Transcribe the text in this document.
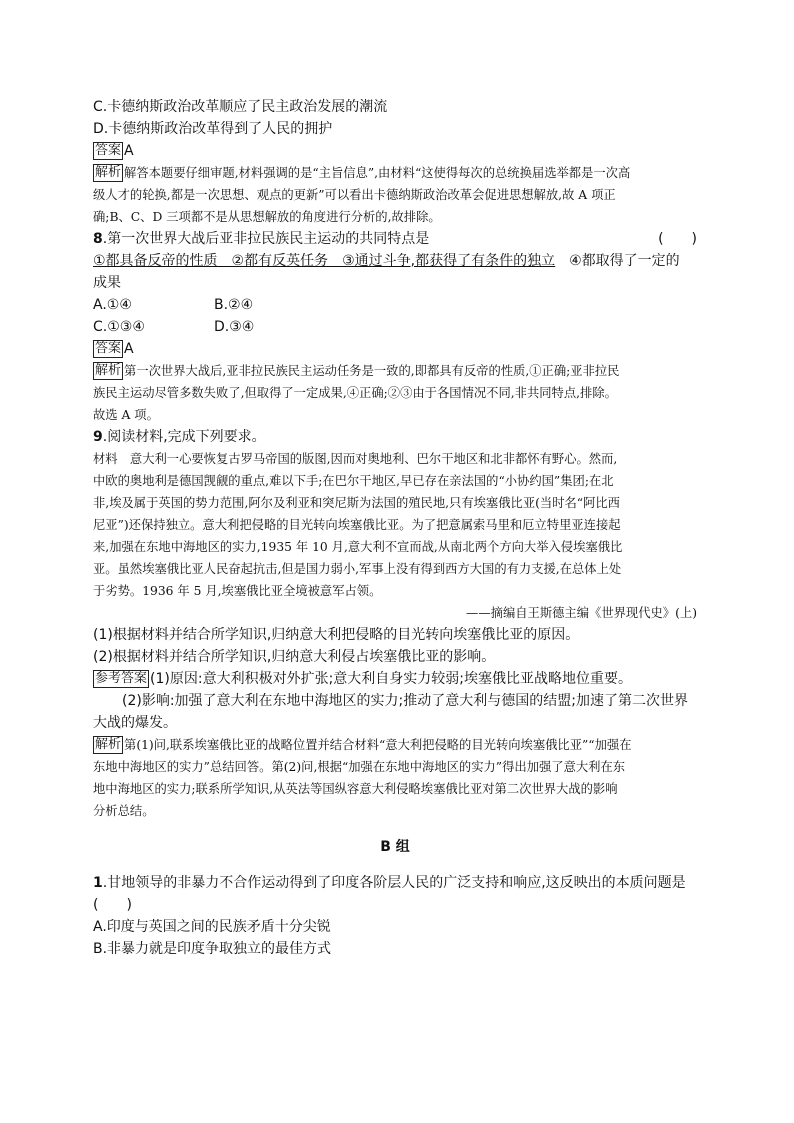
C.卡德纳斯政治改革顺应了民主政治发展的潮流

D.卡德纳斯政治改革得到了人民的拥护

答案 A

解析 解答本题要仔细审题,材料强调的是“主旨信息”,由材料“这使得每次的总统换届选举都是一次高

级人才的轮换,都是一次思想、观点的更新”可以看出卡德纳斯政治改革会促进思想解放,故 A 项正

确;B、C、D 三项都不是从思想解放的角度进行分析的,故排除。

8.第一次世界大战后亚非拉民族民主运动的共同特点是	(　　)

①都具备反帝的性质　②都有反英任务　③通过斗争,都获得了有条件的独立　④都取得了一定的

成果

A.①④	B.②④
C.①③④	D.③④

答案 A

解析 第一次世界大战后,亚非拉民族民主运动任务是一致的,即都具有反帝的性质,①正确;亚非拉民

族民主运动尽管多数失败了,但取得了一定成果,④正确;②③由于各国情况不同,非共同特点,排除。

故选 A 项。

9.阅读材料,完成下列要求。

材料　意大利一心要恢复古罗马帝国的版图,因而对奥地利、巴尔干地区和北非都怀有野心。然而,

中欧的奥地利是德国觊觎的重点,难以下手;在巴尔干地区,早已存在亲法国的“小协约国”集团;在北

非,埃及属于英国的势力范围,阿尔及利亚和突尼斯为法国的殖民地,只有埃塞俄比亚(当时名“阿比西

尼亚”)还保持独立。意大利把侵略的目光转向埃塞俄比亚。为了把意属索马里和厄立特里亚连接起

来,加强在东地中海地区的实力,1935 年 10 月,意大利不宣而战,从南北两个方向大举入侵埃塞俄比

亚。虽然埃塞俄比亚人民奋起抗击,但是国力弱小,军事上没有得到西方大国的有力支援,在总体上处

于劣势。1936 年 5 月,埃塞俄比亚全境被意军占领。

——摘编自王斯德主编《世界现代史》(上)

(1)根据材料并结合所学知识,归纳意大利把侵略的目光转向埃塞俄比亚的原因。

(2)根据材料并结合所学知识,归纳意大利侵占埃塞俄比亚的影响。

参考答案 (1)原因:意大利积极对外扩张;意大利自身实力较弱;埃塞俄比亚战略地位重要。

(2)影响:加强了意大利在东地中海地区的实力;推动了意大利与德国的结盟;加速了第二次世界

大战的爆发。

解析 第(1)问,联系埃塞俄比亚的战略位置并结合材料“意大利把侵略的目光转向埃塞俄比亚”“加强在

东地中海地区的实力”总结回答。第(2)问,根据“加强在东地中海地区的实力”得出加强了意大利在东

地中海地区的实力;联系所学知识,从英法等国纵容意大利侵略埃塞俄比亚对第二次世界大战的影响

分析总结。

B 组

1.甘地领导的非暴力不合作运动得到了印度各阶层人民的广泛支持和响应,这反映出的本质问题是

(　　)

A.印度与英国之间的民族矛盾十分尖锐

B.非暴力就是印度争取独立的最佳方式
